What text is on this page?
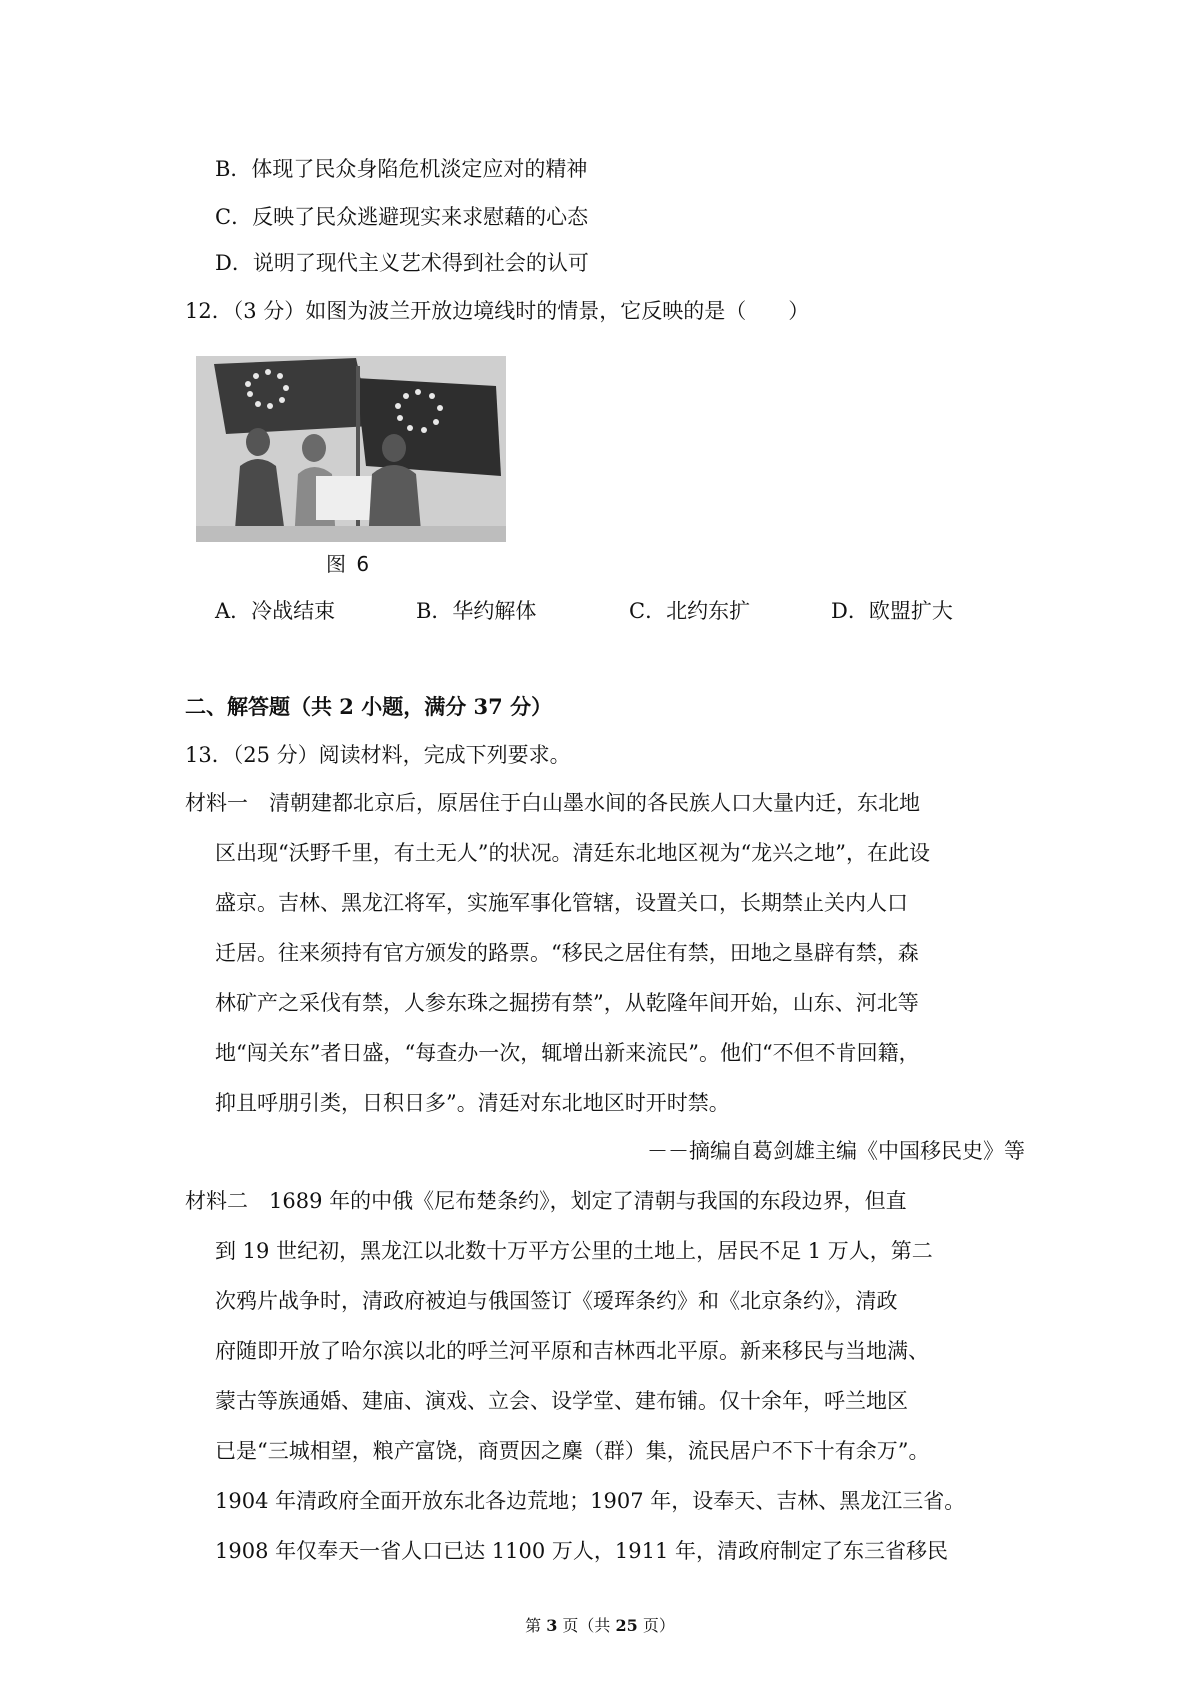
B．体现了民众身陷危机淡定应对的精神
C．反映了民众逃避现实来求慰藉的心态
D．说明了现代主义艺术得到社会的认可
12．（3 分）如图为波兰开放边境线时的情景，它反映的是（　　）
图 6
A．冷战结束	B．华约解体	C．北约东扩	D．欧盟扩大
二、解答题（共 2 小题，满分 37 分）
13．（25 分）阅读材料，完成下列要求。
材料一　清朝建都北京后，原居住于白山墨水间的各民族人口大量内迁，东北地
区出现“沃野千里，有土无人”的状况。清廷东北地区视为“龙兴之地”，在此设
盛京。吉林、黑龙江将军，实施军事化管辖，设置关口，长期禁止关内人口
迁居。往来须持有官方颁发的路票。“移民之居住有禁，田地之垦辟有禁，森
林矿产之采伐有禁，人参东珠之掘捞有禁”，从乾隆年间开始，山东、河北等
地“闯关东”者日盛，“每查办一次，辄增出新来流民”。他们“不但不肯回籍，
抑且呼朋引类，日积日多”。清廷对东北地区时开时禁。
－－摘编自葛剑雄主编《中国移民史》等
材料二　1689 年的中俄《尼布楚条约》，划定了清朝与我国的东段边界，但直
到 19 世纪初，黑龙江以北数十万平方公里的土地上，居民不足 1 万人，第二
次鸦片战争时，清政府被迫与俄国签订《瑷珲条约》和《北京条约》，清政
府随即开放了哈尔滨以北的呼兰河平原和吉林西北平原。新来移民与当地满、
蒙古等族通婚、建庙、演戏、立会、设学堂、建布铺。仅十余年，呼兰地区
已是“三城相望，粮产富饶，商贾因之麇（群）集，流民居户不下十有余万”。
1904 年清政府全面开放东北各边荒地；1907 年，设奉天、吉林、黑龙江三省。
1908 年仅奉天一省人口已达 1100 万人，1911 年，清政府制定了东三省移民
第 3 页（共 25 页）
